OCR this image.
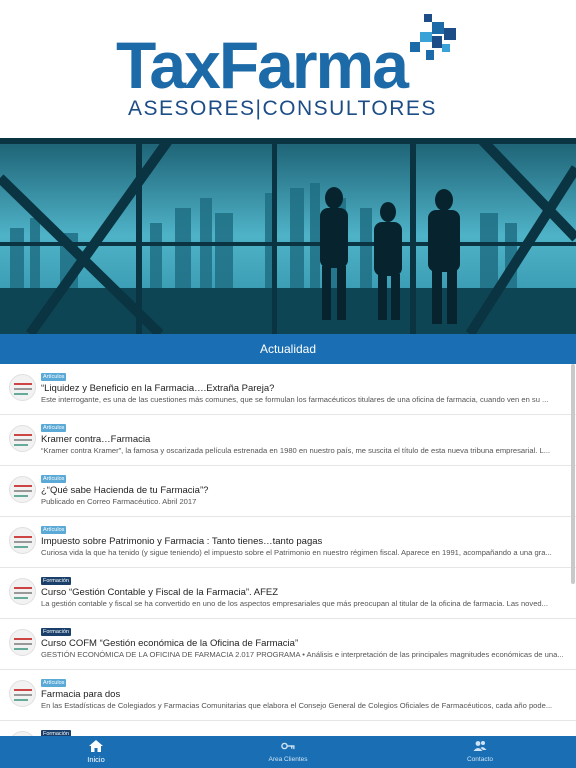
TaxFarma
ASESORES|CONSULTORES
Actualidad
Artículos
“Liquidez y Beneficio en la Farmacia….Extraña Pareja?
Este interrogante, es una de las cuestiones más comunes, que se formulan los farmacéuticos titulares de una oficina de farmacia, cuando ven en su ...
Artículos
Kramer contra…Farmacia
“Kramer contra Kramer”, la famosa y oscarizada película estrenada en 1980 en nuestro país, me suscita el título de esta nueva tribuna empresarial. L...
Artículos
¿“Qué sabe Hacienda de tu Farmacia”?
Publicado en Correo Farmacéutico. Abril 2017
Artículos
Impuesto sobre Patrimonio y Farmacia : Tanto tienes…tanto pagas
Curiosa vida la que ha tenido (y sigue teniendo) el impuesto sobre el Patrimonio en nuestro régimen fiscal. Aparece en 1991, acompañando a una gra...
Formación
Curso “Gestión Contable y Fiscal de la Farmacia”. AFEZ
La gestión contable y fiscal se ha convertido en uno de los aspectos empresariales que más preocupan al titular de la oficina de farmacia. Las noved...
Formación
Curso COFM “Gestión económica de la Oficina de Farmacia”
GESTIÓN ECONÓMICA DE LA OFICINA DE FARMACIA 2.017 PROGRAMA • Análisis e interpretación de las principales magnitudes económicas de una...
Artículos
Farmacia para dos
En las Estadísticas de Colegiados y Farmacias Comunitarias que elabora el Consejo General de Colegios Oficiales de Farmacéuticos, cada año pode...
Formación
Inicio	Area Clientes	Contacto
